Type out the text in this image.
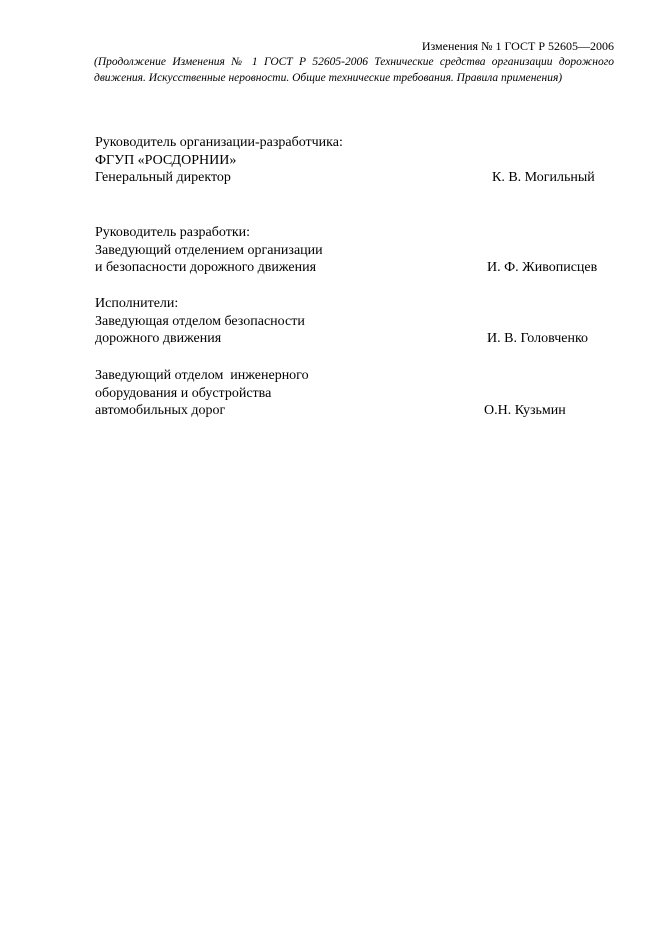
Изменения № 1 ГОСТ Р 52605—2006
(Продолжение Изменения № 1 ГОСТ Р 52605-2006 Технические средства организации дорожного движения. Искусственные неровности. Общие технические требования. Правила применения)
Руководитель организации-разработчика:
ФГУП «РОСДОРНИИ»
Генеральный директор	К. В. Могильный
Руководитель разработки:
Заведующий отделением организации
и безопасности дорожного движения	И. Ф. Живописцев
Исполнители:
Заведующая отделом безопасности
дорожного движения	И. В. Головченко
Заведующий отделом  инженерного
оборудования и обустройства
автомобильных дорог	О.Н. Кузьмин
